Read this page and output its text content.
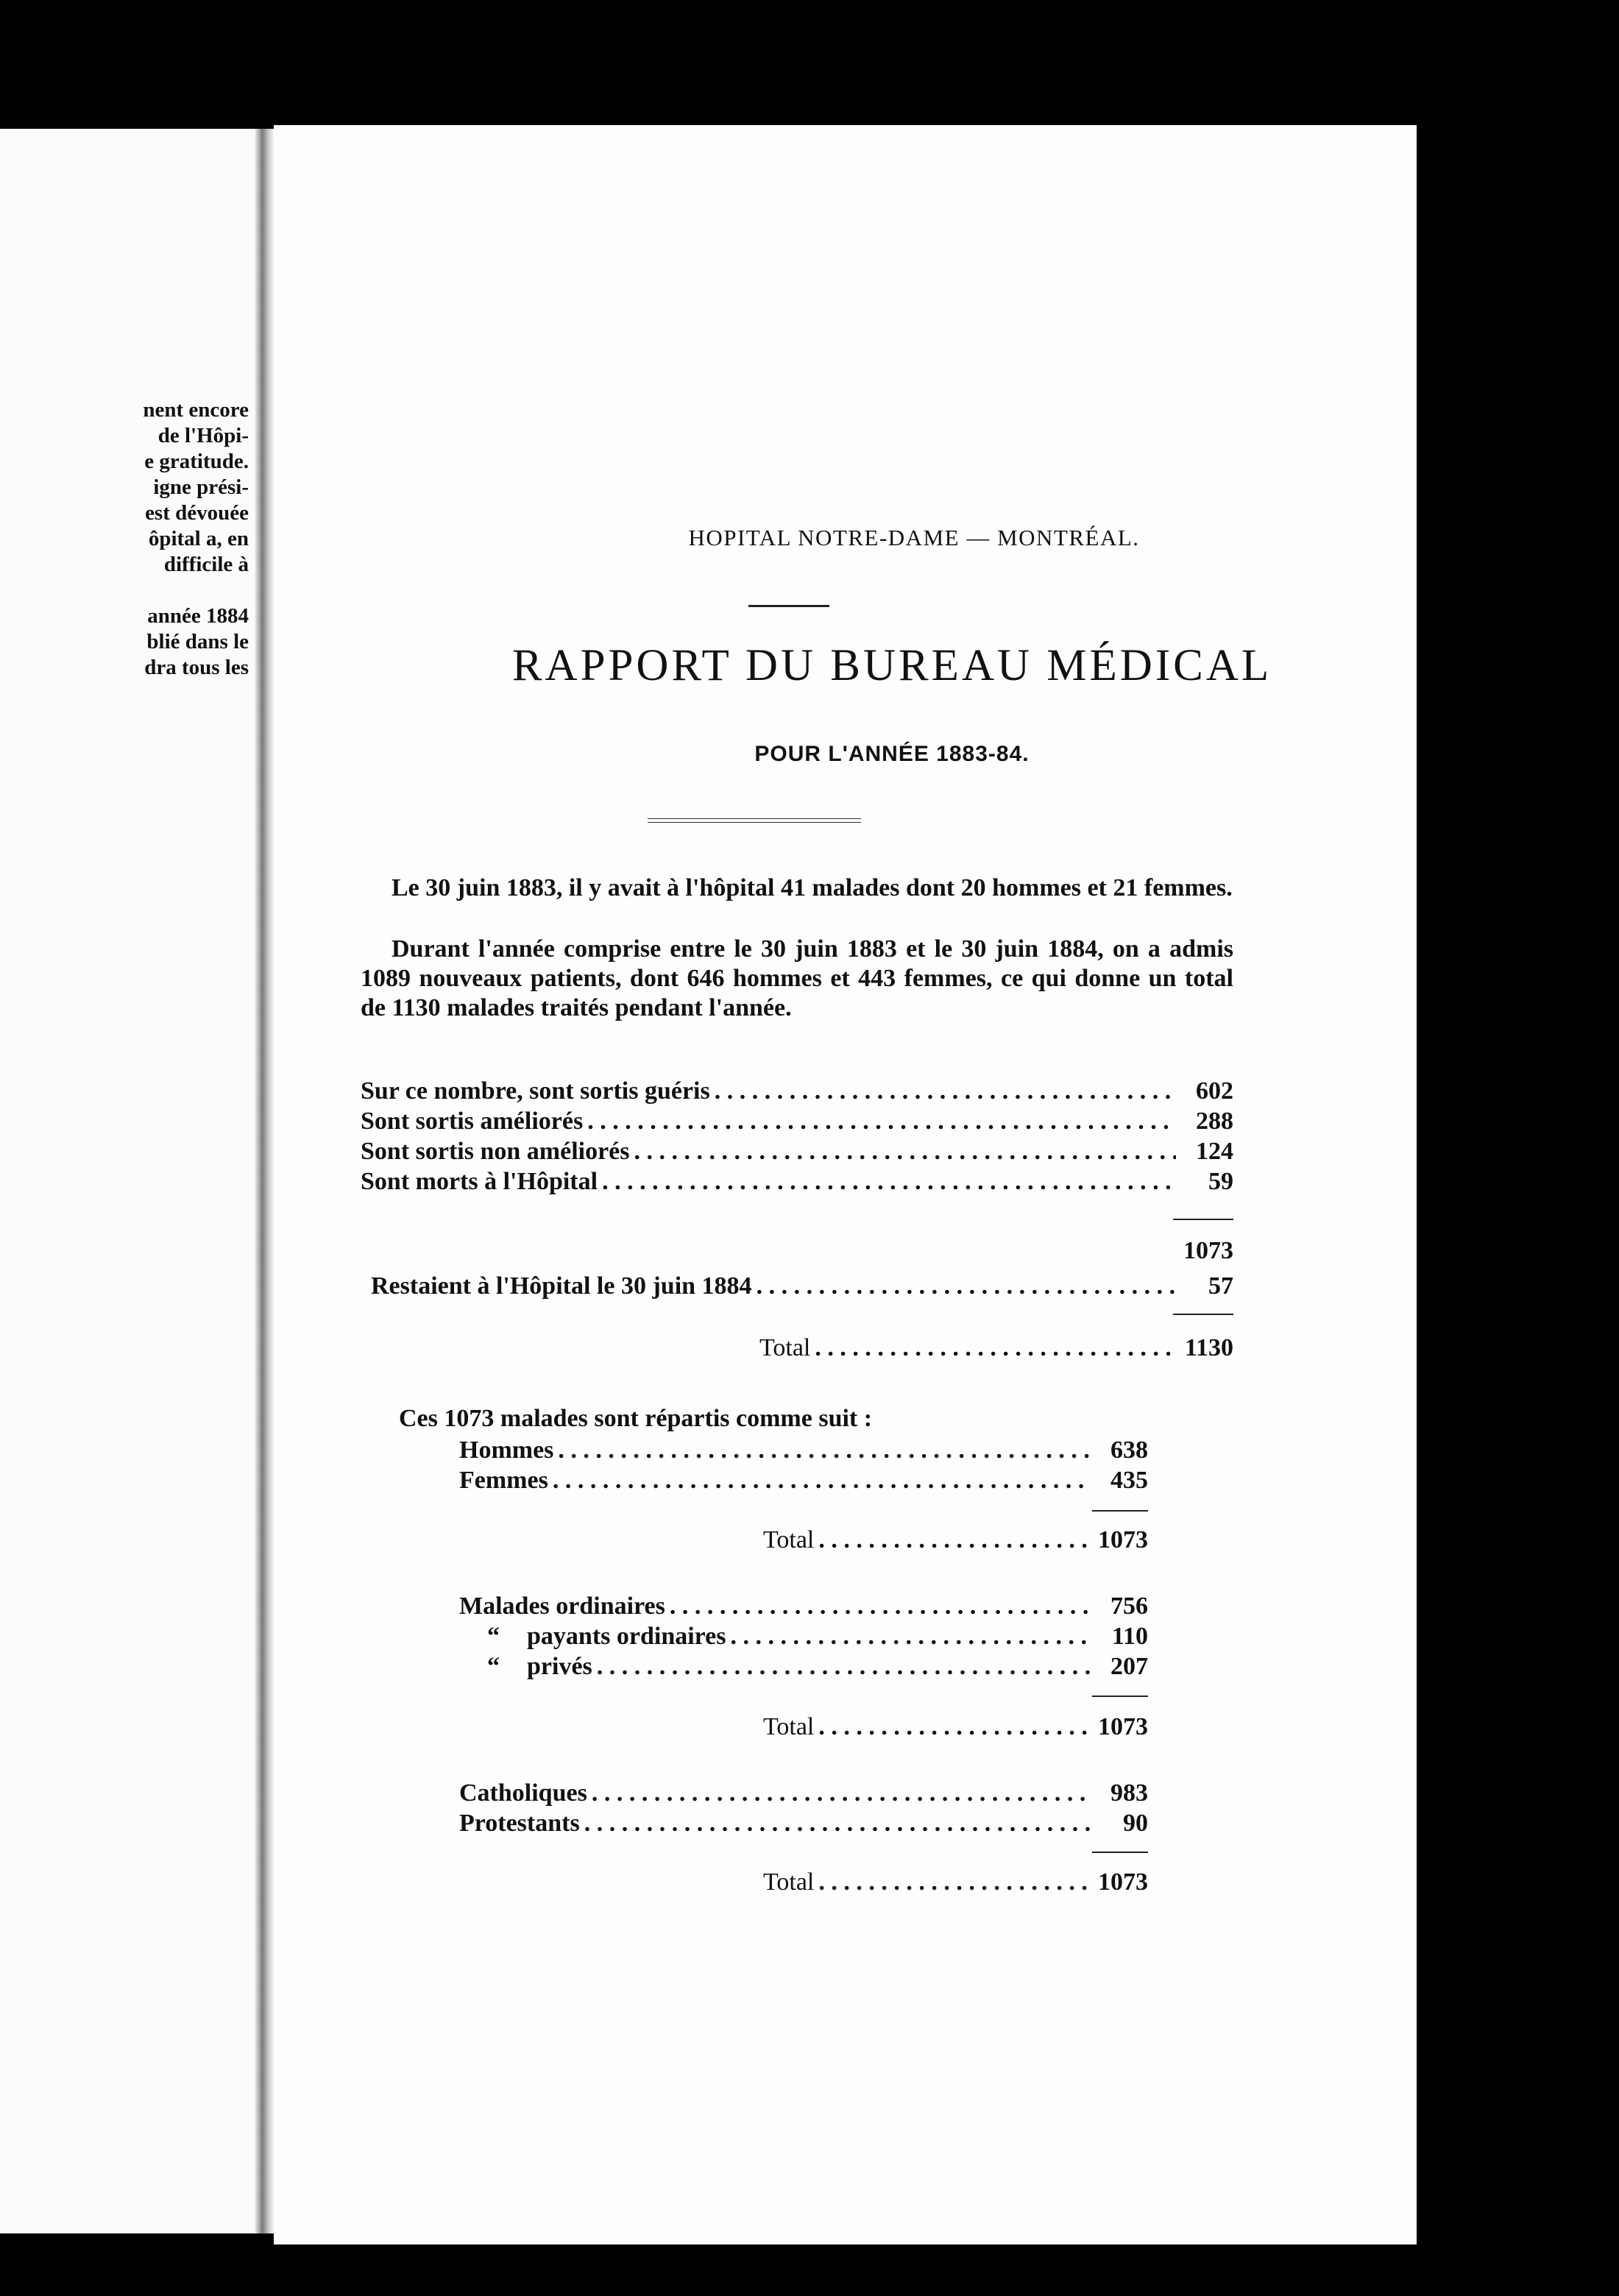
nent encore
de l'Hôpi-
e gratitude.
igne prési-
est dévouée
ôpital a, en
difficile à

année 1884
blié dans le
dra tous les
HOPITAL NOTRE-DAME — MONTRÉAL.
RAPPORT DU BUREAU MÉDICAL
POUR L'ANNÉE 1883-84.
Le 30 juin 1883, il y avait à l'hôpital 41 malades dont 20 hommes et 21 femmes.
Durant l'année comprise entre le 30 juin 1883 et le 30 juin 1884, on a admis 1089 nouveaux patients, dont 646 hommes et 443 femmes, ce qui donne un total de 1130 malades traités pendant l'année.
Sur ce nombre, sont sortis guéris . . .	602
Sont sortis améliorés . . .	288
Sont sortis non améliorés . . .	124
Sont morts à l'Hôpital . . .	59
1073
Restaient à l'Hôpital le 30 juin 1884 . . .	57
Total . . .	1130
Ces 1073 malades sont répartis comme suit :
Hommes . . .	638
Femmes . . .	435
Total . . .	1073
Malades ordinaires . . .	756
“ payants ordinaires . . .	110
“ privés . . .	207
Total . . .	1073
Catholiques . . .	983
Protestants . . .	90
Total . . .	1073
